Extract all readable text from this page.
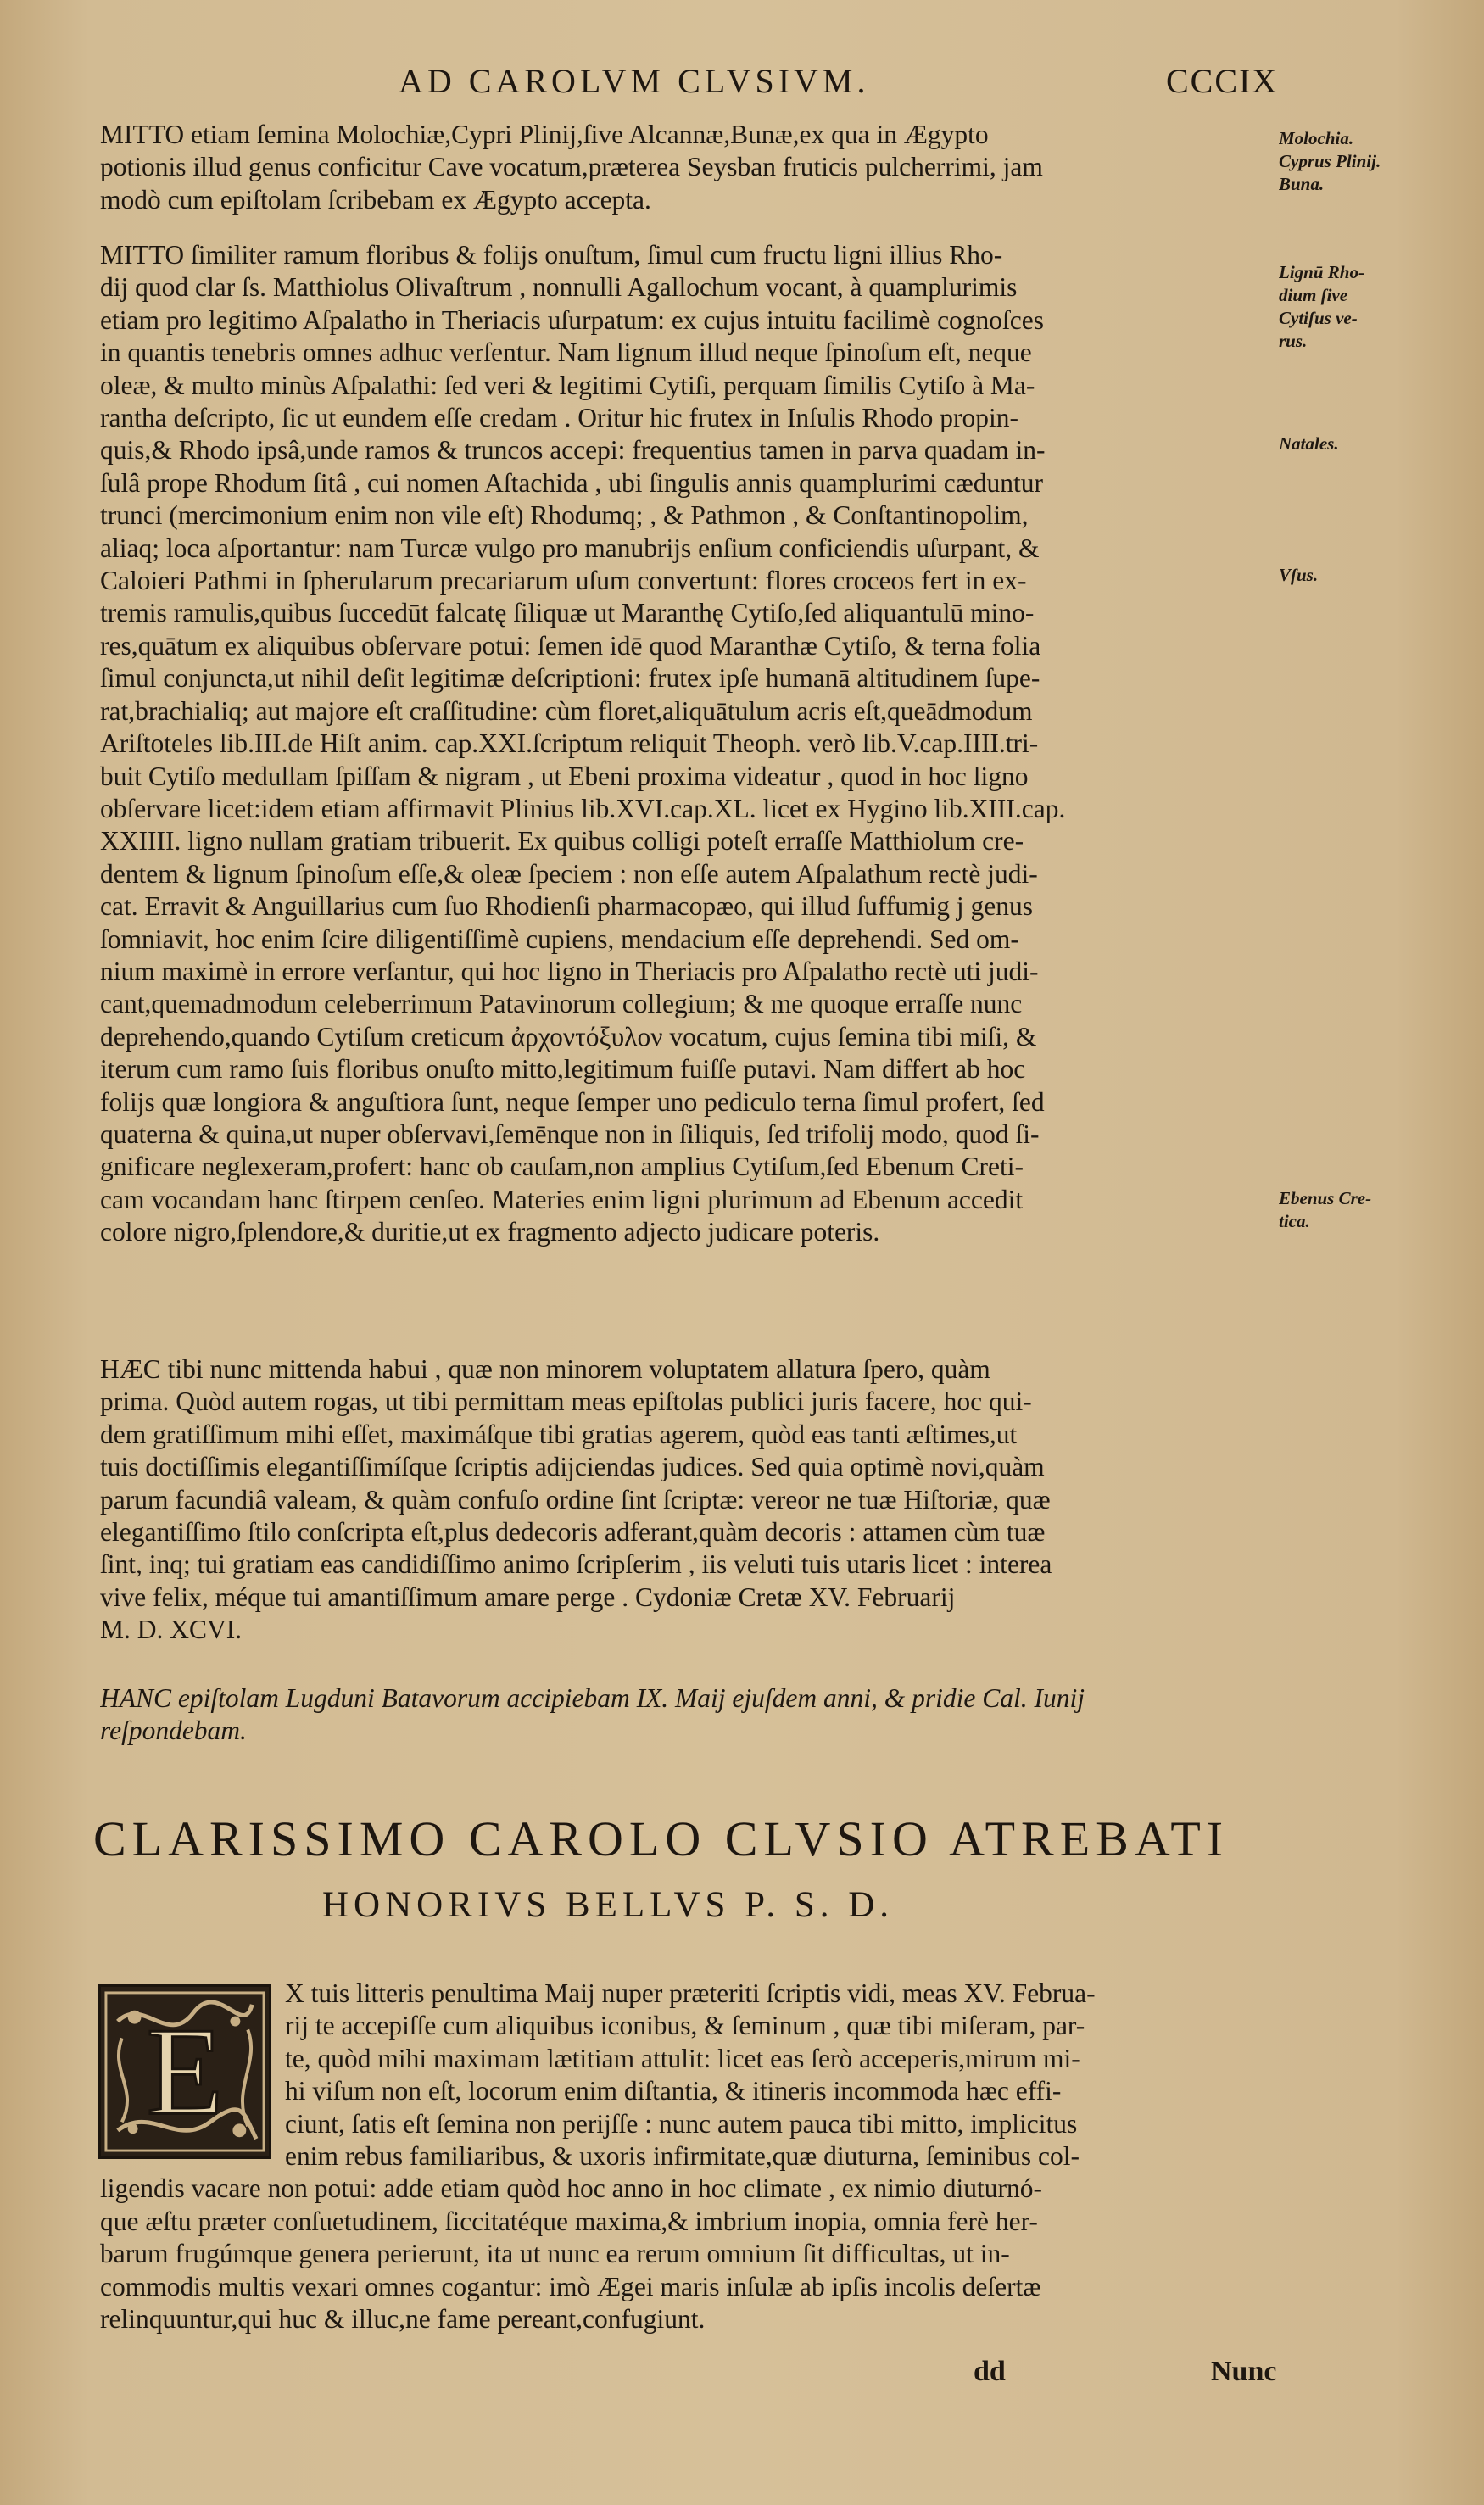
AD CAROLVM CLVSIVM.	CCCIX
MITTO etiam ſemina Molochiæ,Cypri Plinij,ſive Alcannæ,Bunæ,ex qua in Ægypto
potionis illud genus conficitur Cave vocatum,præterea Seysban fruticis pulcherrimi, jam
modò cum epiſtolam ſcribebam ex Ægypto accepta.
MITTO ſimiliter ramum floribus & folijs onuſtum, ſimul cum fructu ligni illius Rho-
dij quod clar ſs. Matthiolus Olivaſtrum , nonnulli Agallochum vocant, à quamplurimis
etiam pro legitimo Aſpalatho in Theriacis uſurpatum: ex cujus intuitu facilimè cognoſces
in quantis tenebris omnes adhuc verſentur. Nam lignum illud neque ſpinoſum eſt, neque
oleæ, & multo minùs Aſpalathi: ſed veri & legitimi Cytiſi, perquam ſimilis Cytiſo à Ma-
rantha deſcripto, ſic ut eundem eſſe credam . Oritur hic frutex in Inſulis Rhodo propin-
quis,& Rhodo ipsâ,unde ramos & truncos accepi: frequentius tamen in parva quadam in-
ſulâ prope Rhodum ſitâ , cui nomen Aſtachida , ubi ſingulis annis quamplurimi cæduntur
trunci (mercimonium enim non vile eſt) Rhodumq; , & Pathmon , & Conſtantinopolim,
aliaq; loca aſportantur: nam Turcæ vulgo pro manubrijs enſium conficiendis uſurpant, &
Caloieri Pathmi in ſpherularum precariarum uſum convertunt: flores croceos fert in ex-
tremis ramulis,quibus ſuccedūt falcatę ſiliquæ ut Maranthę Cytiſo,ſed aliquantulū mino-
res,quātum ex aliquibus obſervare potui: ſemen idē quod Maranthæ Cytiſo, & terna folia
ſimul conjuncta,ut nihil deſit legitimæ deſcriptioni: frutex ipſe humanā altitudinem ſupe-
rat,brachialiq; aut majore eſt craſſitudine: cùm floret,aliquātulum acris eſt,queādmodum
Ariſtoteles lib.III.de Hiſt anim. cap.XXI.ſcriptum reliquit Theoph. verò lib.V.cap.IIII.tri-
buit Cytiſo medullam ſpiſſam & nigram , ut Ebeni proxima videatur , quod in hoc ligno
obſervare licet:idem etiam affirmavit Plinius lib.XVI.cap.XL. licet ex Hygino lib.XIII.cap.
XXIIII. ligno nullam gratiam tribuerit. Ex quibus colligi poteſt erraſſe Matthiolum cre-
dentem & lignum ſpinoſum eſſe,& oleæ ſpeciem : non eſſe autem Aſpalathum rectè judi-
cat. Erravit & Anguillarius cum ſuo Rhodienſi pharmacopæo, qui illud ſuffumig j genus
ſomniavit, hoc enim ſcire diligentiſſimè cupiens, mendacium eſſe deprehendi. Sed om-
nium maximè in errore verſantur, qui hoc ligno in Theriacis pro Aſpalatho rectè uti judi-
cant,quemadmodum celeberrimum Patavinorum collegium; & me quoque erraſſe nunc
deprehendo,quando Cytiſum creticum ἀρχοντόξυλον vocatum, cujus ſemina tibi miſi, &
iterum cum ramo ſuis floribus onuſto mitto,legitimum fuiſſe putavi. Nam differt ab hoc
folijs quæ longiora & anguſtiora ſunt, neque ſemper uno pediculo terna ſimul profert, ſed
quaterna & quina,ut nuper obſervavi,ſemēnque non in ſiliquis, ſed trifolij modo, quod ſi-
gnificare neglexeram,profert: hanc ob cauſam,non amplius Cytiſum,ſed Ebenum Creti-
cam vocandam hanc ſtirpem cenſeo. Materies enim ligni plurimum ad Ebenum accedit
colore nigro,ſplendore,& duritie,ut ex fragmento adjecto judicare poteris.
HÆC tibi nunc mittenda habui , quæ non minorem voluptatem allatura ſpero, quàm
prima. Quòd autem rogas, ut tibi permittam meas epiſtolas publici juris facere, hoc qui-
dem gratiſſimum mihi eſſet, maximáſque tibi gratias agerem, quòd eas tanti æſtimes,ut
tuis doctiſſimis elegantiſſimíſque ſcriptis adijciendas judices. Sed quia optimè novi,quàm
parum facundiâ valeam, & quàm confuſo ordine ſint ſcriptæ: vereor ne tuæ Hiſtoriæ, quæ
elegantiſſimo ſtilo conſcripta eſt,plus dedecoris adferant,quàm decoris : attamen cùm tuæ
ſint, inq; tui gratiam eas candidiſſimo animo ſcripſerim , iis veluti tuis utaris licet : interea
vive felix, méque tui amantiſſimum amare perge . Cydoniæ Cretæ XV. Februarij
M. D. XCVI.
HANC epiſtolam Lugduni Batavorum accipiebam IX. Maij ejuſdem anni, & pridie Cal. Iunij
reſpondebam.
Molochia.
Cyprus Plinij.
Buna.
Lignū Rho-
dium ſive
Cytiſus ve-
rus.
Natales.
Vſus.
Ebenus Cre-
tica.
CLARISSIMO CAROLO CLVSIO ATREBATI
HONORIVS BELLVS P. S. D.
E
X tuis litteris penultima Maij nuper præteriti ſcriptis vidi, meas XV. Februa-
rij te accepiſſe cum aliquibus iconibus, & ſeminum , quæ tibi miſeram, par-
te, quòd mihi maximam lætitiam attulit: licet eas ſerò acceperis,mirum mi-
hi viſum non eſt, locorum enim diſtantia, & itineris incommoda hæc effi-
ciunt, ſatis eſt ſemina non perijſſe : nunc autem pauca tibi mitto, implicitus
enim rebus familiaribus, & uxoris infirmitate,quæ diuturna, ſeminibus col-
ligendis vacare non potui: adde etiam quòd hoc anno in hoc climate , ex nimio diuturnó-
que æſtu præter conſuetudinem, ſiccitatéque maxima,& imbrium inopia, omnia ferè her-
barum frugúmque genera perierunt, ita ut nunc ea rerum omnium ſit difficultas, ut in-
commodis multis vexari omnes cogantur: imò Ægei maris inſulæ ab ipſis incolis deſertæ
relinquuntur,qui huc & illuc,ne fame pereant,confugiunt.
dd	Nunc
